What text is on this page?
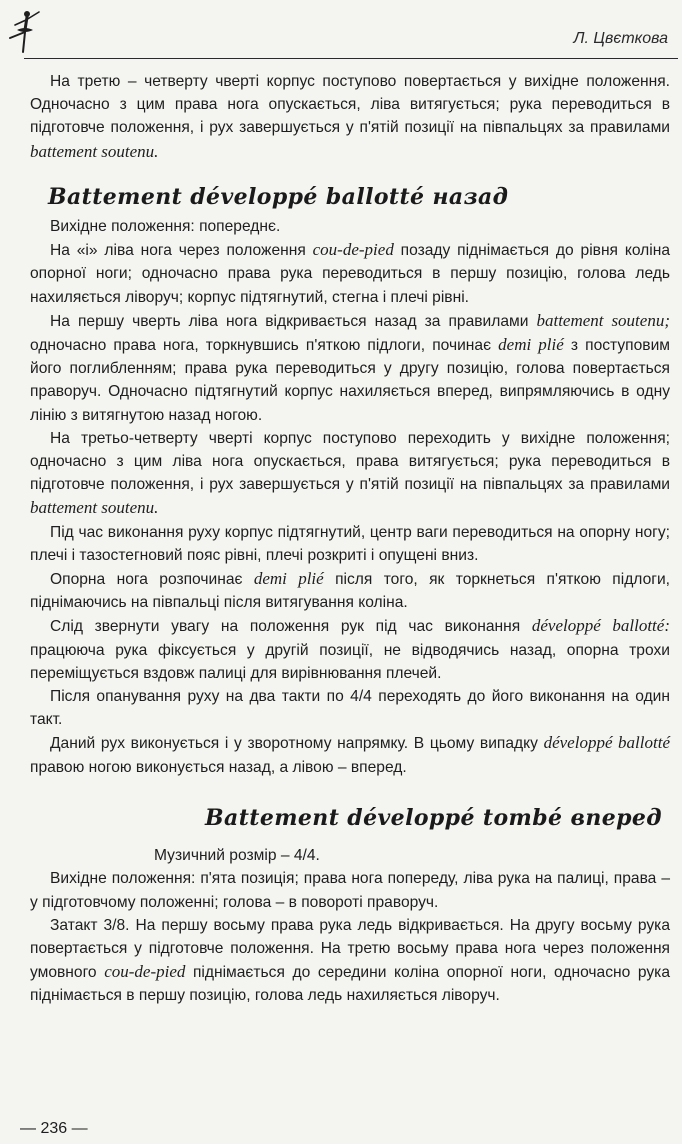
Л. Цвєткова

На третю – четверту чверті корпус поступово повертається у вихідне положення. Одночасно з цим права нога опускається, ліва витягується; рука переводиться в підготовче положення, і рух завершується у п'ятій позиції на півпальцях за правилами battement soutenu.

Battement développé ballotté назад

Вихідне положення: попереднє.

На «і» ліва нога через положення cou-de-pied позаду піднімається до рівня коліна опорної ноги; одночасно права рука переводиться в першу позицію, голова ледь нахиляється ліворуч; корпус підтягнутий, стегна і плечі рівні.

На першу чверть ліва нога відкривається назад за правилами battement soutenu; одночасно права нога, торкнувшись п'яткою підлоги, починає demi plié з поступовим його поглибленням; права рука переводиться у другу позицію, голова повертається праворуч. Одночасно підтягнутий корпус нахиляється вперед, випрямляючись в одну лінію з витягнутою назад ногою.

На третьо-четверту чверті корпус поступово переходить у вихідне положення; одночасно з цим ліва нога опускається, права витягується; рука переводиться в підготовче положення, і рух завершується у п'ятій позиції на півпальцях за правилами battement soutenu.

Під час виконання руху корпус підтягнутий, центр ваги переводиться на опорну ногу; плечі і тазостегновий пояс рівні, плечі розкриті і опущені вниз.

Опорна нога розпочинає demi plié після того, як торкнеться п'яткою підлоги, піднімаючись на півпальці після витягування коліна.

Слід звернути увагу на положення рук під час виконання développé ballotté: працююча рука фіксується у другій позиції, не відводячись назад, опорна трохи переміщується вздовж палиці для вирівнювання плечей.

Після опанування руху на два такти по 4/4 переходять до його виконання на один такт.

Даний рух виконується і у зворотному напрямку. В цьому випадку développé ballotté правою ногою виконується назад, а лівою – вперед.

Battement développé tombé вперед

Музичний розмір – 4/4.

Вихідне положення: п'ята позиція; права нога попереду, ліва рука на палиці, права – у підготовчому положенні; голова – в повороті праворуч.

Затакт 3/8. На першу восьму права рука ледь відкривається. На другу восьму рука повертається у підготовче положення. На третю восьму права нога через положення умовного cou-de-pied піднімається до середини коліна опорної ноги, одночасно рука піднімається в першу позицію, голова ледь нахиляється ліворуч.

— 236 —
